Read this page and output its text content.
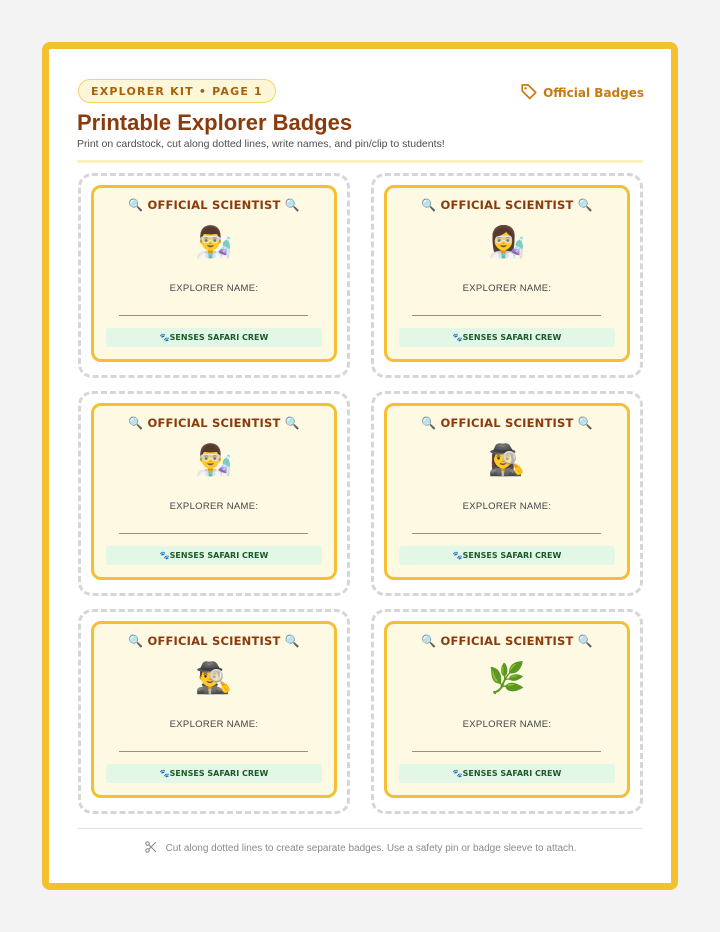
EXPLORER KIT • PAGE 1	Official Badges
Printable Explorer Badges
Print on cardstock, cut along dotted lines, write names, and pin/clip to students!
🔍 OFFICIAL SCIENTIST 🔍
👨‍🔬
EXPLORER NAME:
🐾SENSES SAFARI CREW
🔍 OFFICIAL SCIENTIST 🔍
👩‍🔬
EXPLORER NAME:
🐾SENSES SAFARI CREW
🔍 OFFICIAL SCIENTIST 🔍
👨‍🔬
EXPLORER NAME:
🐾SENSES SAFARI CREW
🔍 OFFICIAL SCIENTIST 🔍
🕵️‍♀️
EXPLORER NAME:
🐾SENSES SAFARI CREW
🔍 OFFICIAL SCIENTIST 🔍
🕵️‍♂️
EXPLORER NAME:
🐾SENSES SAFARI CREW
🔍 OFFICIAL SCIENTIST 🔍
🌿
EXPLORER NAME:
🐾SENSES SAFARI CREW
Cut along dotted lines to create separate badges. Use a safety pin or badge sleeve to attach.
